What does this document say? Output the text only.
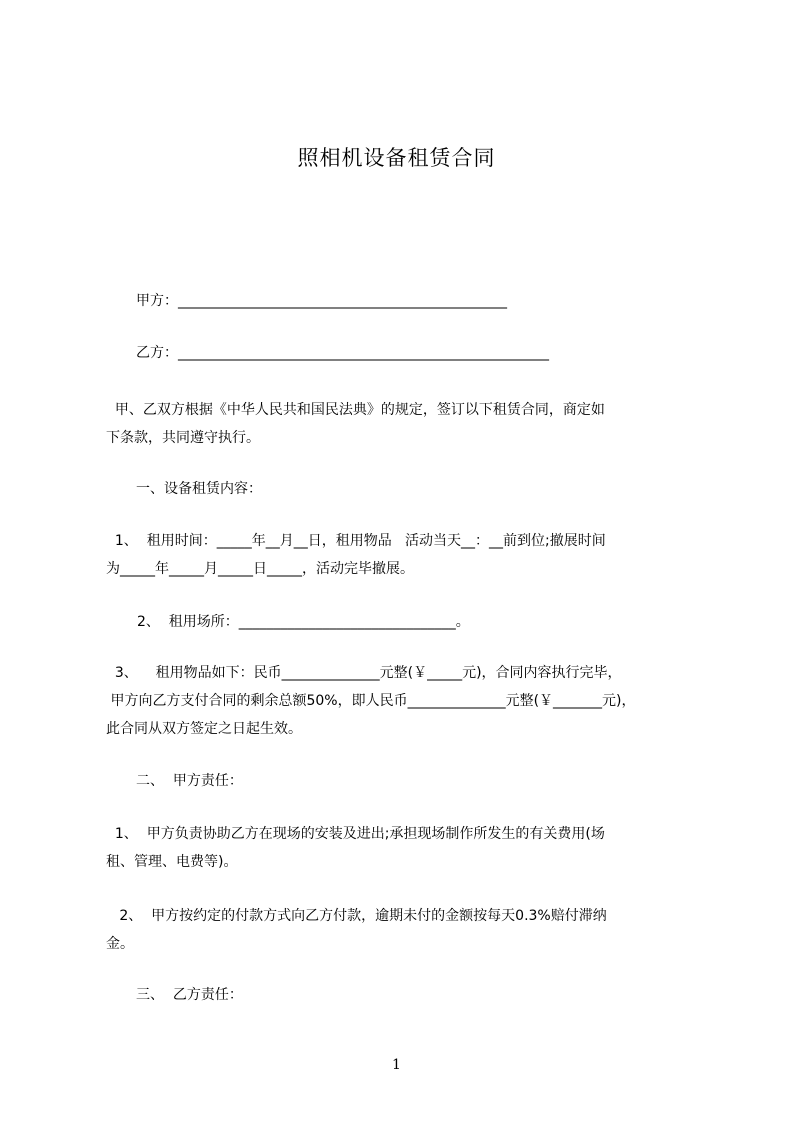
照相机设备租赁合同
甲方：_______________________________________________
乙方：_____________________________________________________
甲、乙双方根据《中华人民共和国民法典》的规定，签订以下租赁合同，商定如
下条款，共同遵守执行。
一、设备租赁内容：
1、  租用时间：_____年__月__日，租用物品   活动当天__：__前到位;撤展时间
为_____年_____月_____日_____，活动完毕撤展。
2、  租用场所：_______________________________。
3、    租用物品如下：民币______________元整(￥_____元)，合同内容执行完毕，
甲方向乙方支付合同的剩余总额50%，即人民币______________元整(￥_______元)，
此合同从双方签定之日起生效。
二、  甲方责任：
1、  甲方负责协助乙方在现场的安装及进出;承担现场制作所发生的有关费用(场
租、管理、电费等)。
2、  甲方按约定的付款方式向乙方付款，逾期未付的金额按每天0.3%赔付滞纳
金。
三、  乙方责任：
1
